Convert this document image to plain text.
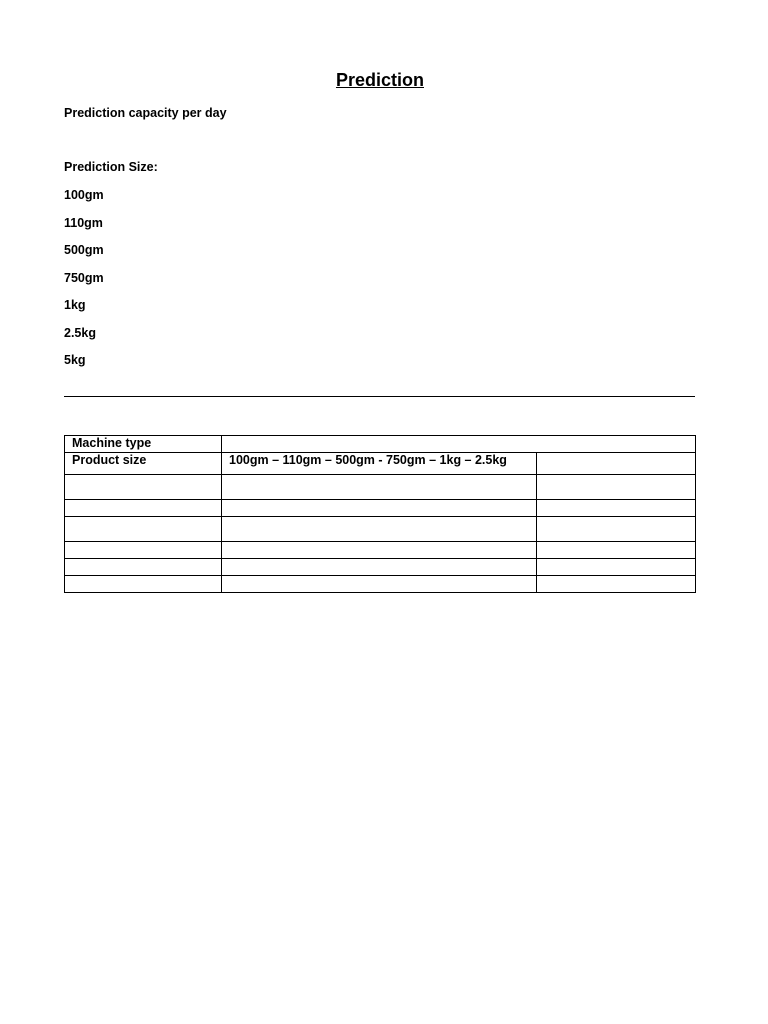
Prediction

Prediction capacity per day

Prediction Size:

100gm
110gm
500gm
750gm
1kg
2.5kg
5kg
Machine type		
Product size	100gm – 110gm – 500gm - 750gm – 1kg – 2.5kg	
